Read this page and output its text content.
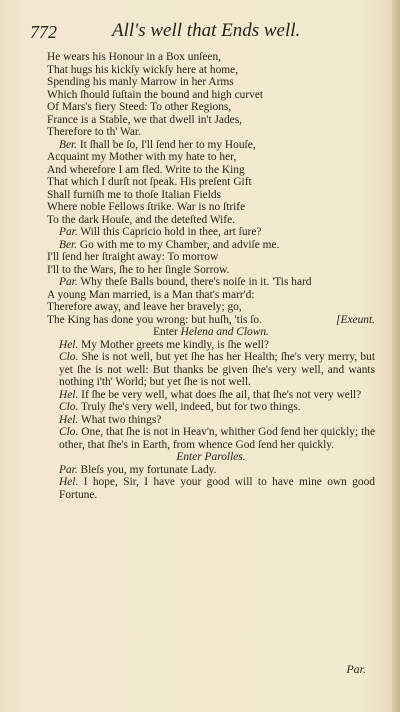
772	All's well that Ends well.
He wears his Honour in a Box unſeen,
That hugs his kickſy wickſy here at home,
Spending his manly Marrow in her Arms
Which ſhould ſuſtain the bound and high curvet
Of Mars's fiery Steed: To other Regions,
France is a Stable, we that dwell in't Jades,
Therefore to th' War.
Ber. It ſhall be ſo, I'll ſend her to my Houſe,
Acquaint my Mother with my hate to her,
And wherefore I am fled. Write to the King
That which I durſt not ſpeak. His preſent Gift
Shall furniſh me to thoſe Italian Fields
Where noble Fellows ſtrike. War is no ſtrife
To the dark Houſe, and the deteſted Wife.
Par. Will this Capricio hold in thee, art ſure?
Ber. Go with me to my Chamber, and adviſe me.
I'll ſend her ſtraight away: To morrow
I'll to the Wars, ſhe to her ſingle Sorrow.
Par. Why theſe Balls bound, there's noiſe in it. 'Tis hard
A young Man married, is a Man that's marr'd:
Therefore away, and leave her bravely; go,
The King has done you wrong: but huſh, 'tis ſo.	[Exeunt.
Enter Helena and Clown.
Hel. My Mother greets me kindly, is ſhe well?
Clo. She is not well, but yet ſhe has her Health; ſhe's very merry, but yet ſhe is not well: But thanks be given ſhe's very well, and wants nothing i'th' World; but yet ſhe is not well.
Hel. If ſhe be very well, what does ſhe ail, that ſhe's not very well?
Clo. Truly ſhe's very well, indeed, but for two things.
Hel. What two things?
Clo. One, that ſhe is not in Heav'n, whither God ſend her quickly; the other, that ſhe's in Earth, from whence God ſend her quickly.
Enter Parolles.
Par. Bleſs you, my fortunate Lady.
Hel. I hope, Sir, I have your good will to have mine own good Fortune.
Par.
